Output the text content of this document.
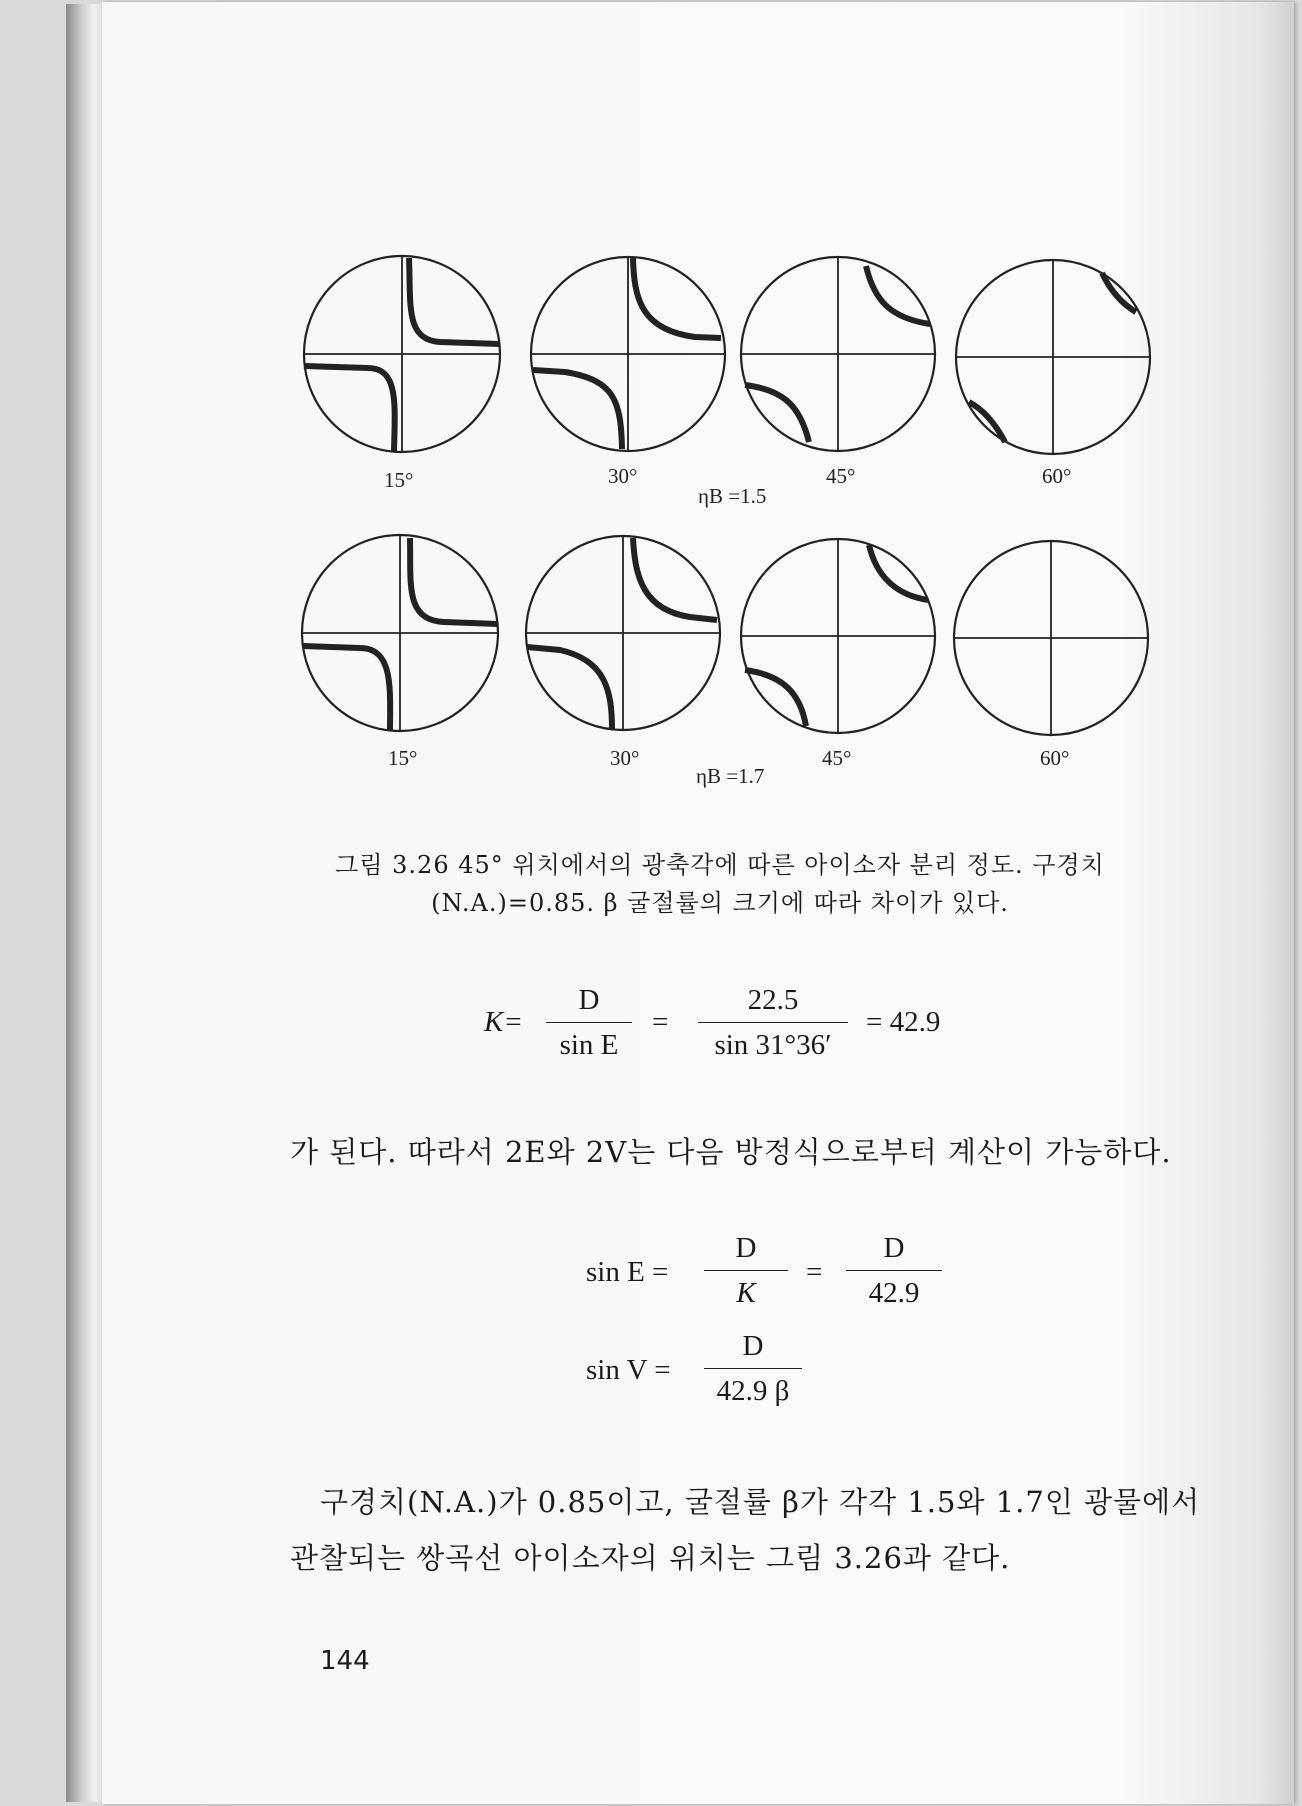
15°	30°	45°	60°
ηΒ =1.5
15°	30°	45°	60°
ηΒ =1.7
그림 3.26 45° 위치에서의 광축각에 따른 아이소자 분리 정도. 구경치
(N.A.)=0.85. β 굴절률의 크기에 따라 차이가 있다.
K=
D
sin E
=
22.5
sin 31°36′
= 42.9
가 된다. 따라서 2E와 2V는 다음 방정식으로부터 계산이 가능하다.
sin E =
D
K
=
D
42.9
sin V =
D
42.9 β
구경치(N.A.)가 0.85이고, 굴절률 β가 각각 1.5와 1.7인 광물에서
관찰되는 쌍곡선 아이소자의 위치는 그림 3.26과 같다.
144
